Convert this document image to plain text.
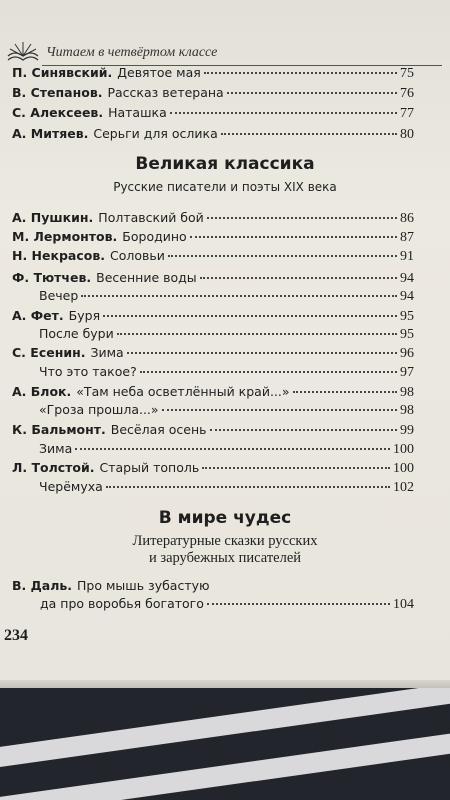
Читаем в четвёртом классе
П. Синявский. Девятое мая	75
В. Степанов. Рассказ ветерана	76
С. Алексеев. Наташка	77
А. Митяев. Серьги для ослика	80
Великая классика
Русские писатели и поэты XIX века
А. Пушкин. Полтавский бой	86
М. Лермонтов. Бородино	87
Н. Некрасов. Соловьи	91
Ф. Тютчев. Весенние воды	94
Вечер	94
А. Фет. Буря	95
После бури	95
С. Есенин. Зима	96
Что это такое?	97
А. Блок. «Там неба осветлённый край...»	98
«Гроза прошла...»	98
К. Бальмонт. Весёлая осень	99
Зима	100
Л. Толстой. Старый тополь	100
Черёмуха	102
В мире чудес
Литературные сказки русских
и зарубежных писателей
В. Даль. Про мышь зубастую
да про воробья богатого	104
234
